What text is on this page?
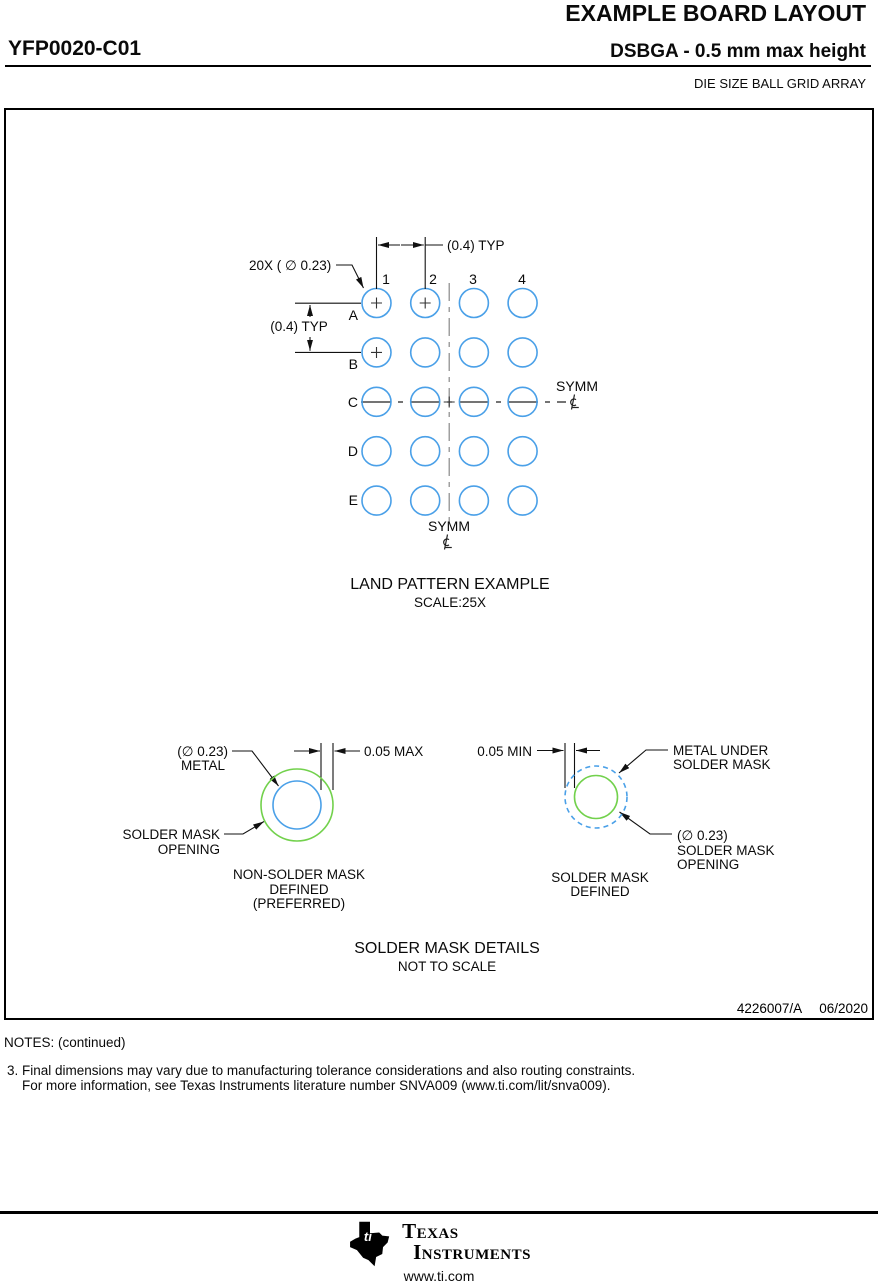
EXAMPLE BOARD LAYOUT
YFP0020-C01	DSBGA - 0.5 mm max height
DIE SIZE BALL GRID ARRAY
(0.4) TYP
20X ( ∅ 0.23)
(0.4) TYP
1	2 3	4
A
B
C
D
E
SYMM
SYMM
LAND PATTERN EXAMPLE
SCALE:25X
(∅ 0.23)
METAL
0.05 MAX
SOLDER MASK
OPENING
NON-SOLDER MASK
DEFINED
(PREFERRED)
0.05 MIN	METAL UNDER
SOLDER MASK
(∅ 0.23)
SOLDER MASK
OPENING
SOLDER MASK
DEFINED
SOLDER MASK DETAILS
NOT TO SCALE
4226007/A 06/2020
NOTES: (continued)
3. Final dimensions may vary due to manufacturing tolerance considerations and also routing constraints.
For more information, see Texas Instruments literature number SNVA009 (www.ti.com/lit/snva009).
ti Texas
Instruments
www.ti.com
